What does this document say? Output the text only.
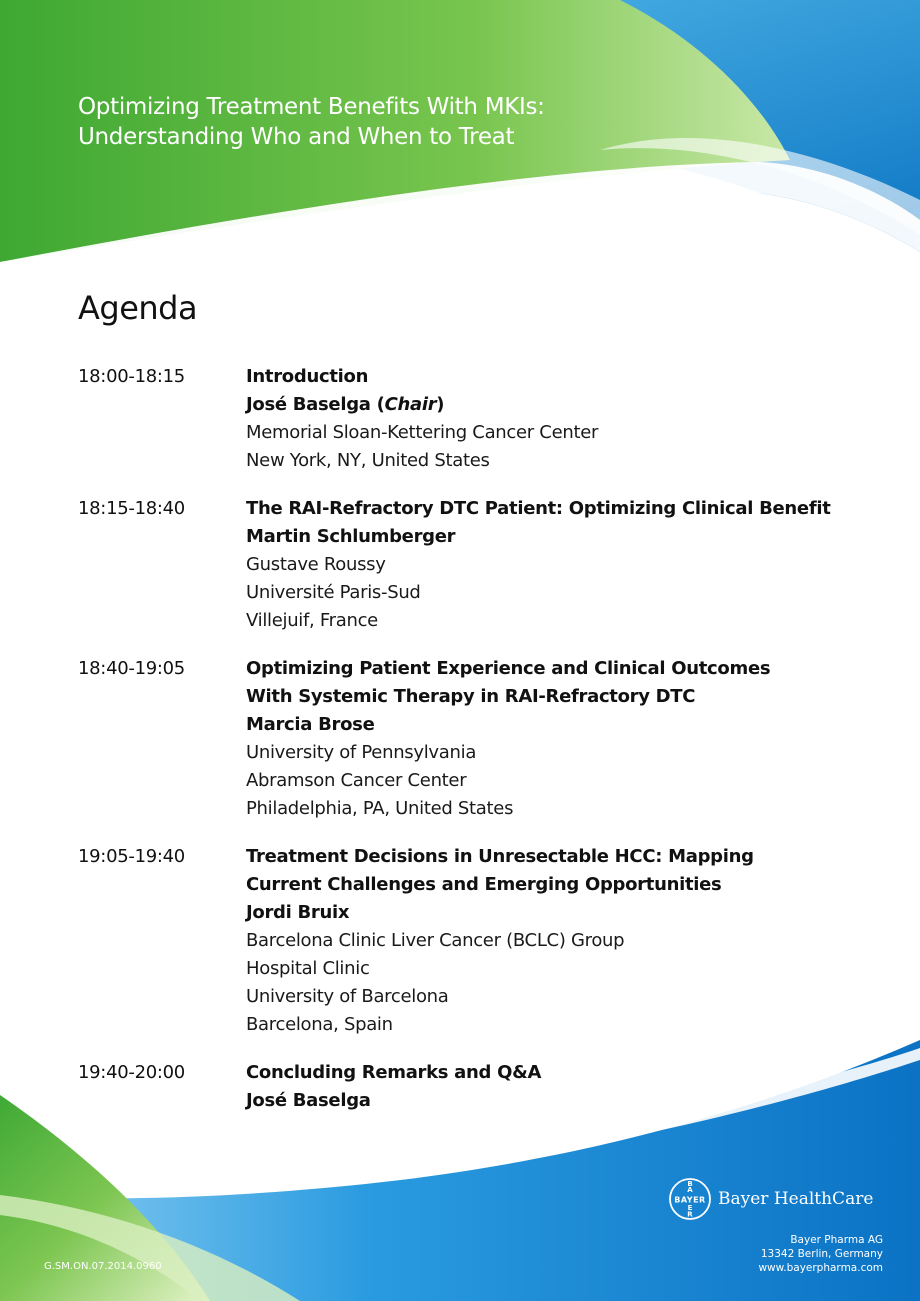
Optimizing Treatment Benefits With MKIs:
Understanding Who and When to Treat
Agenda
18:00-18:15	Introduction
José Baselga (Chair)
Memorial Sloan-Kettering Cancer Center
New York, NY, United States
18:15-18:40	The RAI-Refractory DTC Patient: Optimizing Clinical Benefit
Martin Schlumberger
Gustave Roussy
Université Paris-Sud
Villejuif, France
18:40-19:05	Optimizing Patient Experience and Clinical Outcomes
With Systemic Therapy in RAI-Refractory DTC
Marcia Brose
University of Pennsylvania
Abramson Cancer Center
Philadelphia, PA, United States
19:05-19:40	Treatment Decisions in Unresectable HCC: Mapping
Current Challenges and Emerging Opportunities
Jordi Bruix
Barcelona Clinic Liver Cancer (BCLC) Group
Hospital Clinic
University of Barcelona
Barcelona, Spain
19:40-20:00	Concluding Remarks and Q&A
José Baselga
BAYER
B
A
E
R
Bayer HealthCare
Bayer Pharma AG
13342 Berlin, Germany
www.bayerpharma.com
G.SM.ON.07.2014.0960
